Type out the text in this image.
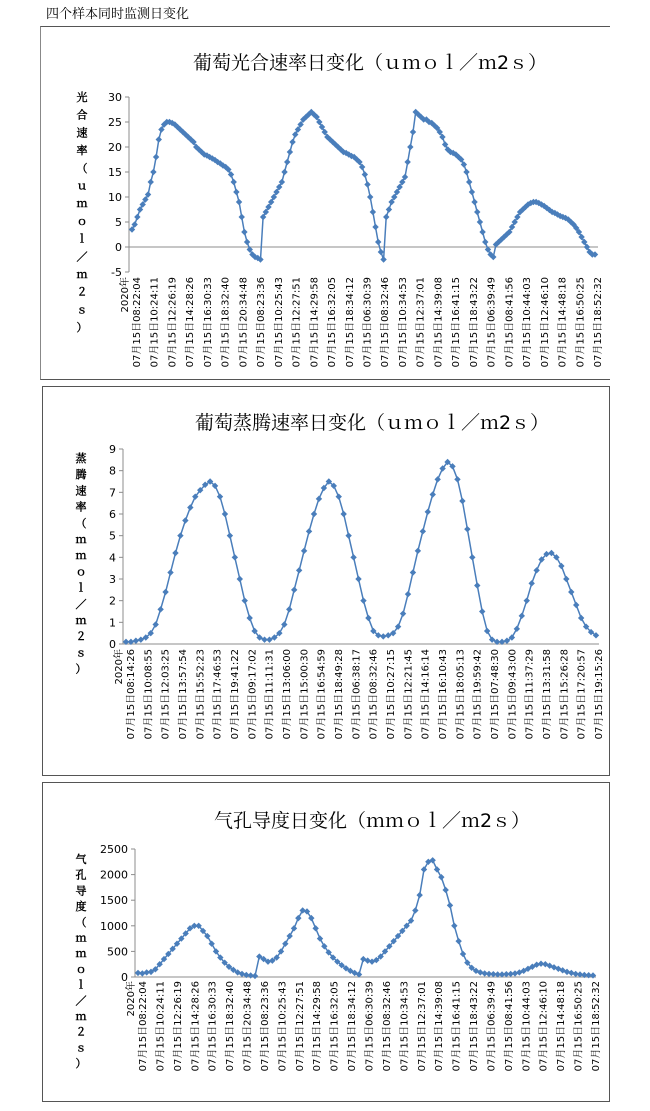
四个样本同时监测日变化
葡萄光合速率日变化（ｕｍｏｌ／ｍ2ｓ）
光合速率（ｕｍｏｌ／ｍ２ｓ）
-5
0
5
10
15
20
25
30
2020年 07月15日08:22:04 07月15日10:24:11 07月15日12:26:19 07月15日14:28:26 07月15日16:30:33 07月15日18:32:40 07月15日20:34:48 07月15日08:23:36 07月15日10:25:43 07月15日12:27:51 07月15日14:29:58 07月15日16:32:05 07月15日18:34:12 07月15日06:30:39 07月15日08:32:46 07月15日10:34:53 07月15日12:37:01 07月15日14:39:08 07月15日16:41:15 07月15日18:43:22 07月15日06:39:49 07月15日08:41:56 07月15日10:44:03 07月15日12:46:10 07月15日14:48:18 07月15日16:50:25 07月15日18:52:32
葡萄蒸腾速率日变化（ｕｍｏｌ／ｍ2ｓ）
蒸腾速率（ｍｍｏｌ／ｍ２ｓ）
0
1
2
3
4
5
6
7
8
9
2020年 07月15日08:14:26 07月15日10:08:55 07月15日12:03:25 07月15日13:57:54 07月15日15:52:23 07月15日17:46:53 07月15日19:41:22 07月15日09:17:02 07月15日11:11:31 07月15日13:06:00 07月15日15:00:30 07月15日16:54:59 07月15日18:49:28 07月15日06:38:17 07月15日08:32:46 07月15日10:27:15 07月15日12:21:45 07月15日14:16:14 07月15日16:10:43 07月15日18:05:13 07月15日19:59:42 07月15日07:48:30 07月15日09:43:00 07月15日11:37:29 07月15日13:31:58 07月15日15:26:28 07月15日17:20:57 07月15日19:15:26
气孔导度日变化（ｍｍｏｌ／ｍ2ｓ）
气孔导度（ｍｍｏｌ／ｍ２ｓ）
0
500
1000
1500
2000
2500
2020年 07月15日08:22:04 07月15日10:24:11 07月15日12:26:19 07月15日14:28:26 07月15日16:30:33 07月15日18:32:40 07月15日20:34:48 07月15日08:23:36 07月15日10:25:43 07月15日12:27:51 07月15日14:29:58 07月15日16:32:05 07月15日18:34:12 07月15日06:30:39 07月15日08:32:46 07月15日10:34:53 07月15日12:37:01 07月15日14:39:08 07月15日16:41:15 07月15日18:43:22 07月15日06:39:49 07月15日08:41:56 07月15日10:44:03 07月15日12:46:10 07月15日14:48:18 07月15日16:50:25 07月15日18:52:32
